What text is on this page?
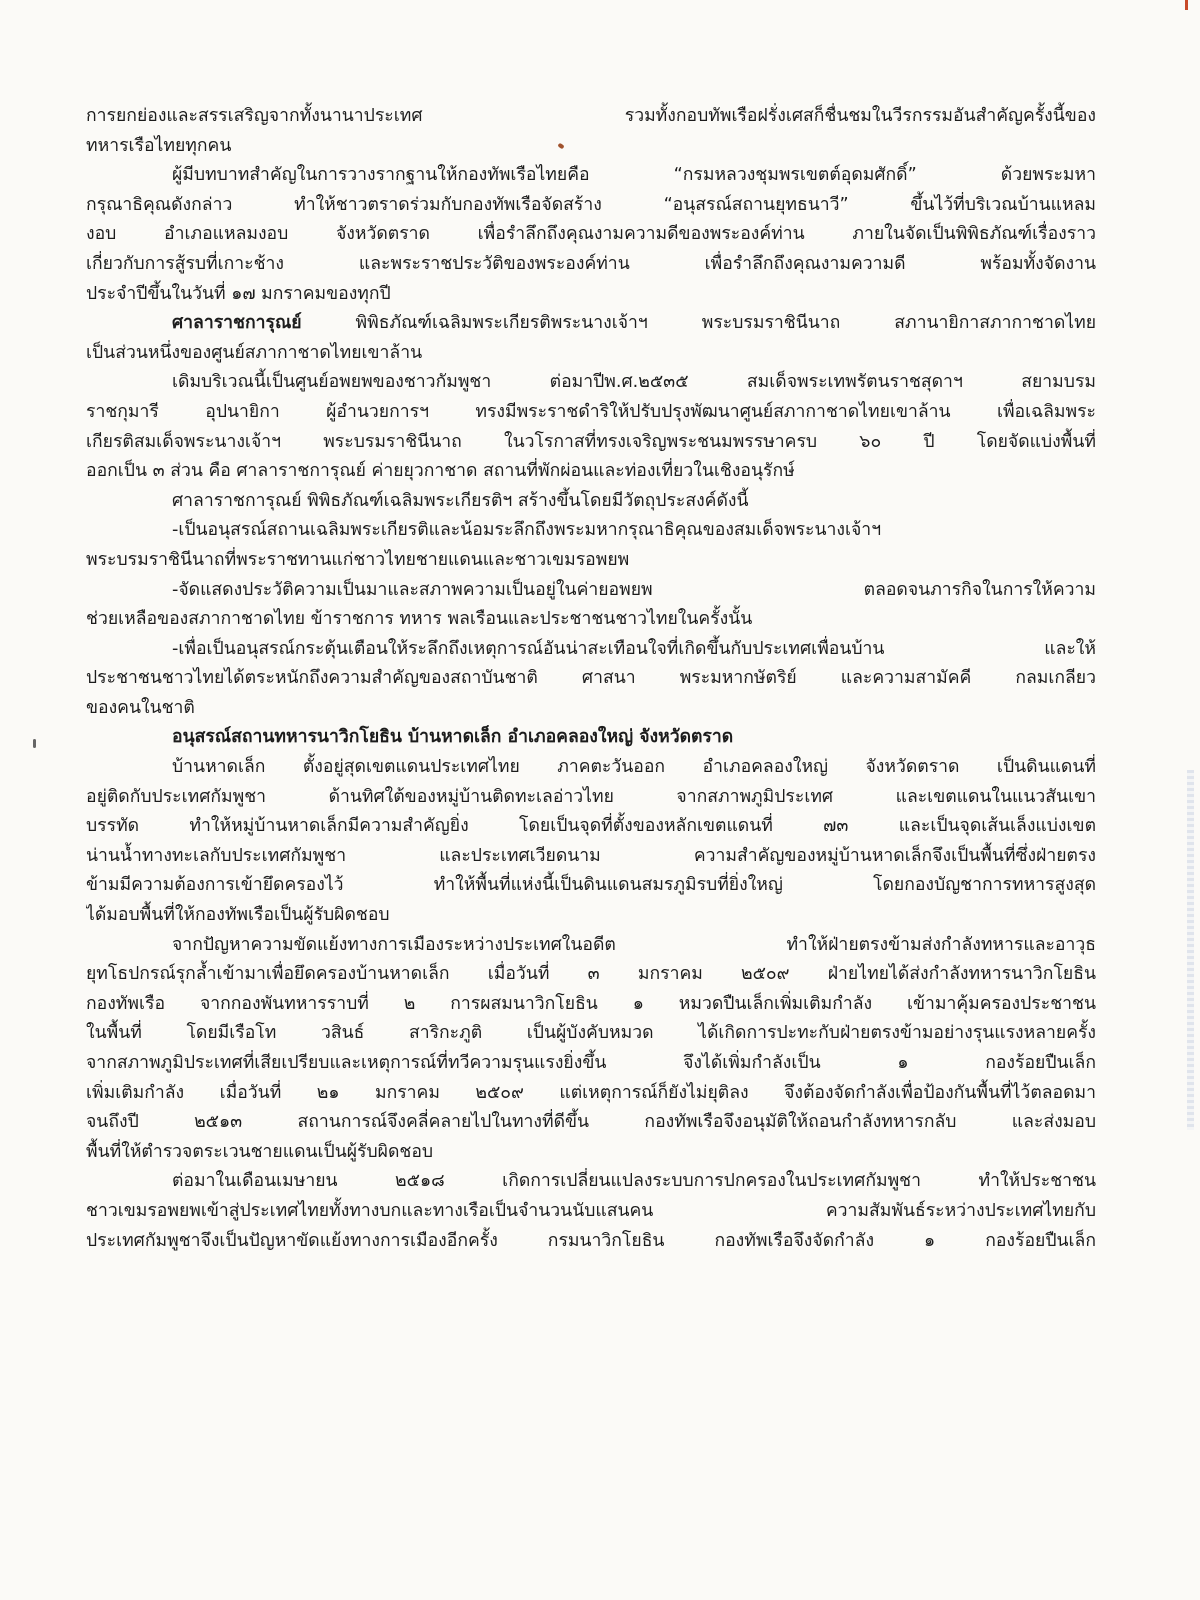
การยกย่องและสรรเสริญจากทั้งนานาประเทศ รวมทั้งกอบทัพเรือฝรั่งเศสก็ชื่นชมในวีรกรรมอันสำคัญครั้งนี้ของ
ทหารเรือไทยทุกคน
ผู้มีบทบาทสำคัญในการวางรากฐานให้กองทัพเรือไทยคือ “กรมหลวงชุมพรเขตต์อุดมศักดิ์” ด้วยพระมหา
กรุณาธิคุณดังกล่าว ทำให้ชาวตราดร่วมกับกองทัพเรือจัดสร้าง “อนุสรณ์สถานยุทธนาวี” ขึ้นไว้ที่บริเวณบ้านแหลม
งอบ อำเภอแหลมงอบ จังหวัดตราด เพื่อรำลึกถึงคุณงามความดีของพระองค์ท่าน ภายในจัดเป็นพิพิธภัณฑ์เรื่องราว
เกี่ยวกับการสู้รบที่เกาะช้าง และพระราชประวัติของพระองค์ท่าน เพื่อรำลึกถึงคุณงามความดี พร้อมทั้งจัดงาน
ประจำปีขึ้นในวันที่ ๑๗ มกราคมของทุกปี
ศาลาราชการุณย์ พิพิธภัณฑ์เฉลิมพระเกียรติพระนางเจ้าฯ พระบรมราชินีนาถ สภานายิกาสภากาชาดไทย
เป็นส่วนหนึ่งของศูนย์สภากาชาดไทยเขาล้าน
เดิมบริเวณนี้เป็นศูนย์อพยพของชาวกัมพูชา ต่อมาปีพ.ศ.๒๕๓๕ สมเด็จพระเทพรัตนราชสุดาฯ สยามบรม
ราชกุมารี อุปนายิกา ผู้อำนวยการฯ ทรงมีพระราชดำริให้ปรับปรุงพัฒนาศูนย์สภากาชาดไทยเขาล้าน เพื่อเฉลิมพระ
เกียรติสมเด็จพระนางเจ้าฯ พระบรมราชินีนาถ ในวโรกาสที่ทรงเจริญพระชนมพรรษาครบ ๖๐ ปี โดยจัดแบ่งพื้นที่
ออกเป็น ๓ ส่วน คือ ศาลาราชการุณย์ ค่ายยุวกาชาด สถานที่พักผ่อนและท่องเที่ยวในเชิงอนุรักษ์
ศาลาราชการุณย์ พิพิธภัณฑ์เฉลิมพระเกียรติฯ สร้างขึ้นโดยมีวัตถุประสงค์ดังนี้
-เป็นอนุสรณ์สถานเฉลิมพระเกียรติและน้อมระลึกถึงพระมหากรุณาธิคุณของสมเด็จพระนางเจ้าฯ
พระบรมราชินีนาถที่พระราชทานแก่ชาวไทยชายแดนและชาวเขมรอพยพ
-จัดแสดงประวัติความเป็นมาและสภาพความเป็นอยู่ในค่ายอพยพ ตลอดจนภารกิจในการให้ความ
ช่วยเหลือของสภากาชาดไทย ข้าราชการ ทหาร พลเรือนและประชาชนชาวไทยในครั้งนั้น
-เพื่อเป็นอนุสรณ์กระตุ้นเตือนให้ระลึกถึงเหตุการณ์อันน่าสะเทือนใจที่เกิดขึ้นกับประเทศเพื่อนบ้าน และให้
ประชาชนชาวไทยได้ตระหนักถึงความสำคัญของสถาบันชาติ ศาสนา พระมหากษัตริย์ และความสามัคคี กลมเกลียว
ของคนในชาติ
อนุสรณ์สถานทหารนาวิกโยธิน บ้านหาดเล็ก อำเภอคลองใหญ่ จังหวัดตราด
บ้านหาดเล็ก ตั้งอยู่สุดเขตแดนประเทศไทย ภาคตะวันออก อำเภอคลองใหญ่ จังหวัดตราด เป็นดินแดนที่
อยู่ติดกับประเทศกัมพูชา ด้านทิศใต้ของหมู่บ้านติดทะเลอ่าวไทย จากสภาพภูมิประเทศ และเขตแดนในแนวสันเขา
บรรทัด ทำให้หมู่บ้านหาดเล็กมีความสำคัญยิ่ง โดยเป็นจุดที่ตั้งของหลักเขตแดนที่ ๗๓ และเป็นจุดเส้นเล็งแบ่งเขต
น่านน้ำทางทะเลกับประเทศกัมพูชา และประเทศเวียดนาม ความสำคัญของหมู่บ้านหาดเล็กจึงเป็นพื้นที่ซึ่งฝ่ายตรง
ข้ามมีความต้องการเข้ายึดครองไว้ ทำให้พื้นที่แห่งนี้เป็นดินแดนสมรภูมิรบที่ยิ่งใหญ่ โดยกองบัญชาการทหารสูงสุด
ได้มอบพื้นที่ให้กองทัพเรือเป็นผู้รับผิดชอบ
จากปัญหาความขัดแย้งทางการเมืองระหว่างประเทศในอดีต ทำให้ฝ่ายตรงข้ามส่งกำลังทหารและอาวุธ
ยุทโธปกรณ์รุกล้ำเข้ามาเพื่อยึดครองบ้านหาดเล็ก เมื่อวันที่ ๓ มกราคม ๒๕๐๙ ฝ่ายไทยได้ส่งกำลังทหารนาวิกโยธิน
กองทัพเรือ จากกองพันทหารราบที่ ๒ การผสมนาวิกโยธิน ๑ หมวดปืนเล็กเพิ่มเติมกำลัง เข้ามาคุ้มครองประชาชน
ในพื้นที่ โดยมีเรือโท วสินธ์ สาริกะภูติ เป็นผู้บังคับหมวด ได้เกิดการปะทะกับฝ่ายตรงข้ามอย่างรุนแรงหลายครั้ง
จากสภาพภูมิประเทศที่เสียเปรียบและเหตุการณ์ที่ทวีความรุนแรงยิ่งขึ้น จึงได้เพิ่มกำลังเป็น ๑ กองร้อยปืนเล็ก
เพิ่มเติมกำลัง เมื่อวันที่ ๒๑ มกราคม ๒๕๐๙ แต่เหตุการณ์ก็ยังไม่ยุติลง จึงต้องจัดกำลังเพื่อป้องกันพื้นที่ไว้ตลอดมา
จนถึงปี ๒๕๑๓ สถานการณ์จึงคลี่คลายไปในทางที่ดีขึ้น กองทัพเรือจึงอนุมัติให้ถอนกำลังทหารกลับ และส่งมอบ
พื้นที่ให้ตำรวจตระเวนชายแดนเป็นผู้รับผิดชอบ
ต่อมาในเดือนเมษายน ๒๕๑๘ เกิดการเปลี่ยนแปลงระบบการปกครองในประเทศกัมพูชา ทำให้ประชาชน
ชาวเขมรอพยพเข้าสู่ประเทศไทยทั้งทางบกและทางเรือเป็นจำนวนนับแสนคน ความสัมพันธ์ระหว่างประเทศไทยกับ
ประเทศกัมพูชาจึงเป็นปัญหาขัดแย้งทางการเมืองอีกครั้ง กรมนาวิกโยธิน กองทัพเรือจึงจัดกำลัง ๑ กองร้อยปืนเล็ก
